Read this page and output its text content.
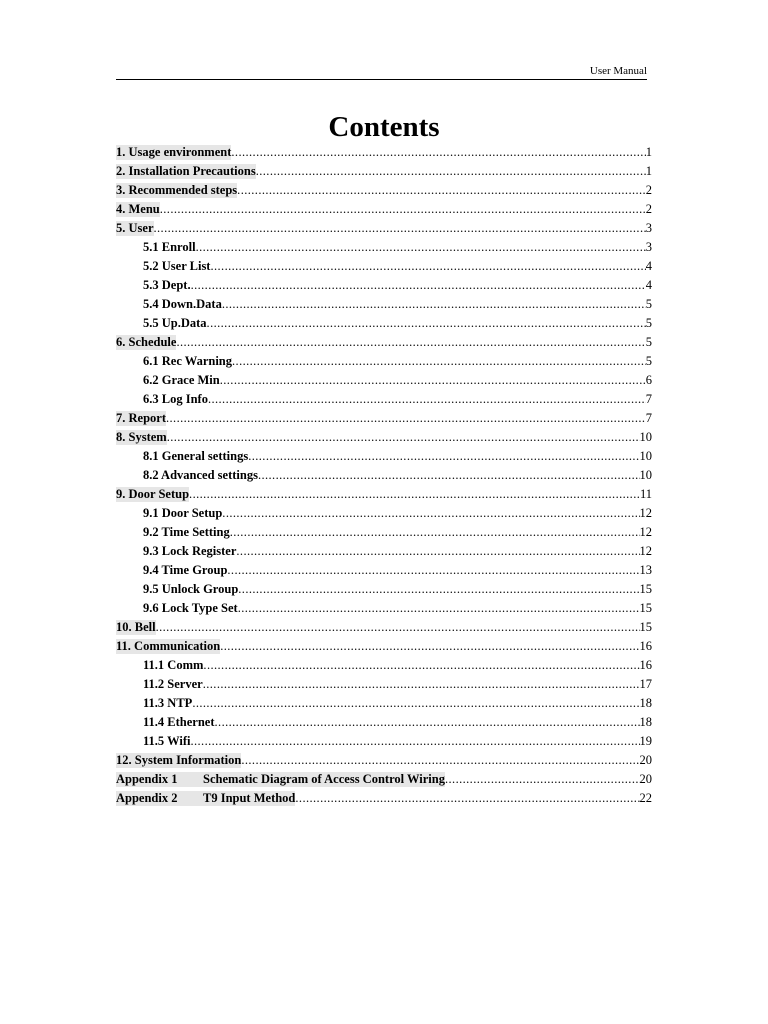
User Manual
Contents
1. Usage environment .....	1
2. Installation Precautions .....	1
3. Recommended steps .....	2
4. Menu .....	2
5. User .....	3
5.1 Enroll .....	3
5.2 User List .....	4
5.3 Dept. .....	4
5.4 Down.Data .....	5
5.5 Up.Data .....	5
6. Schedule .....	5
6.1 Rec Warning .....	5
6.2 Grace Min .....	6
6.3 Log Info .....	7
7. Report .....	7
8. System .....	10
8.1 General settings .....	10
8.2 Advanced settings .....	10
9. Door Setup .....	11
9.1 Door Setup .....	12
9.2 Time Setting .....	12
9.3 Lock Register .....	12
9.4 Time Group .....	13
9.5 Unlock Group .....	15
9.6 Lock Type Set .....	15
10. Bell .....	15
11. Communication .....	16
11.1 Comm .....	16
11.2 Server .....	17
11.3 NTP .....	18
11.4 Ethernet .....	18
11.5 Wifi .....	19
12. System Information .....	20
Appendix 1 Schematic Diagram of Access Control Wiring .....	20
Appendix 2 T9 Input Method .....	22
